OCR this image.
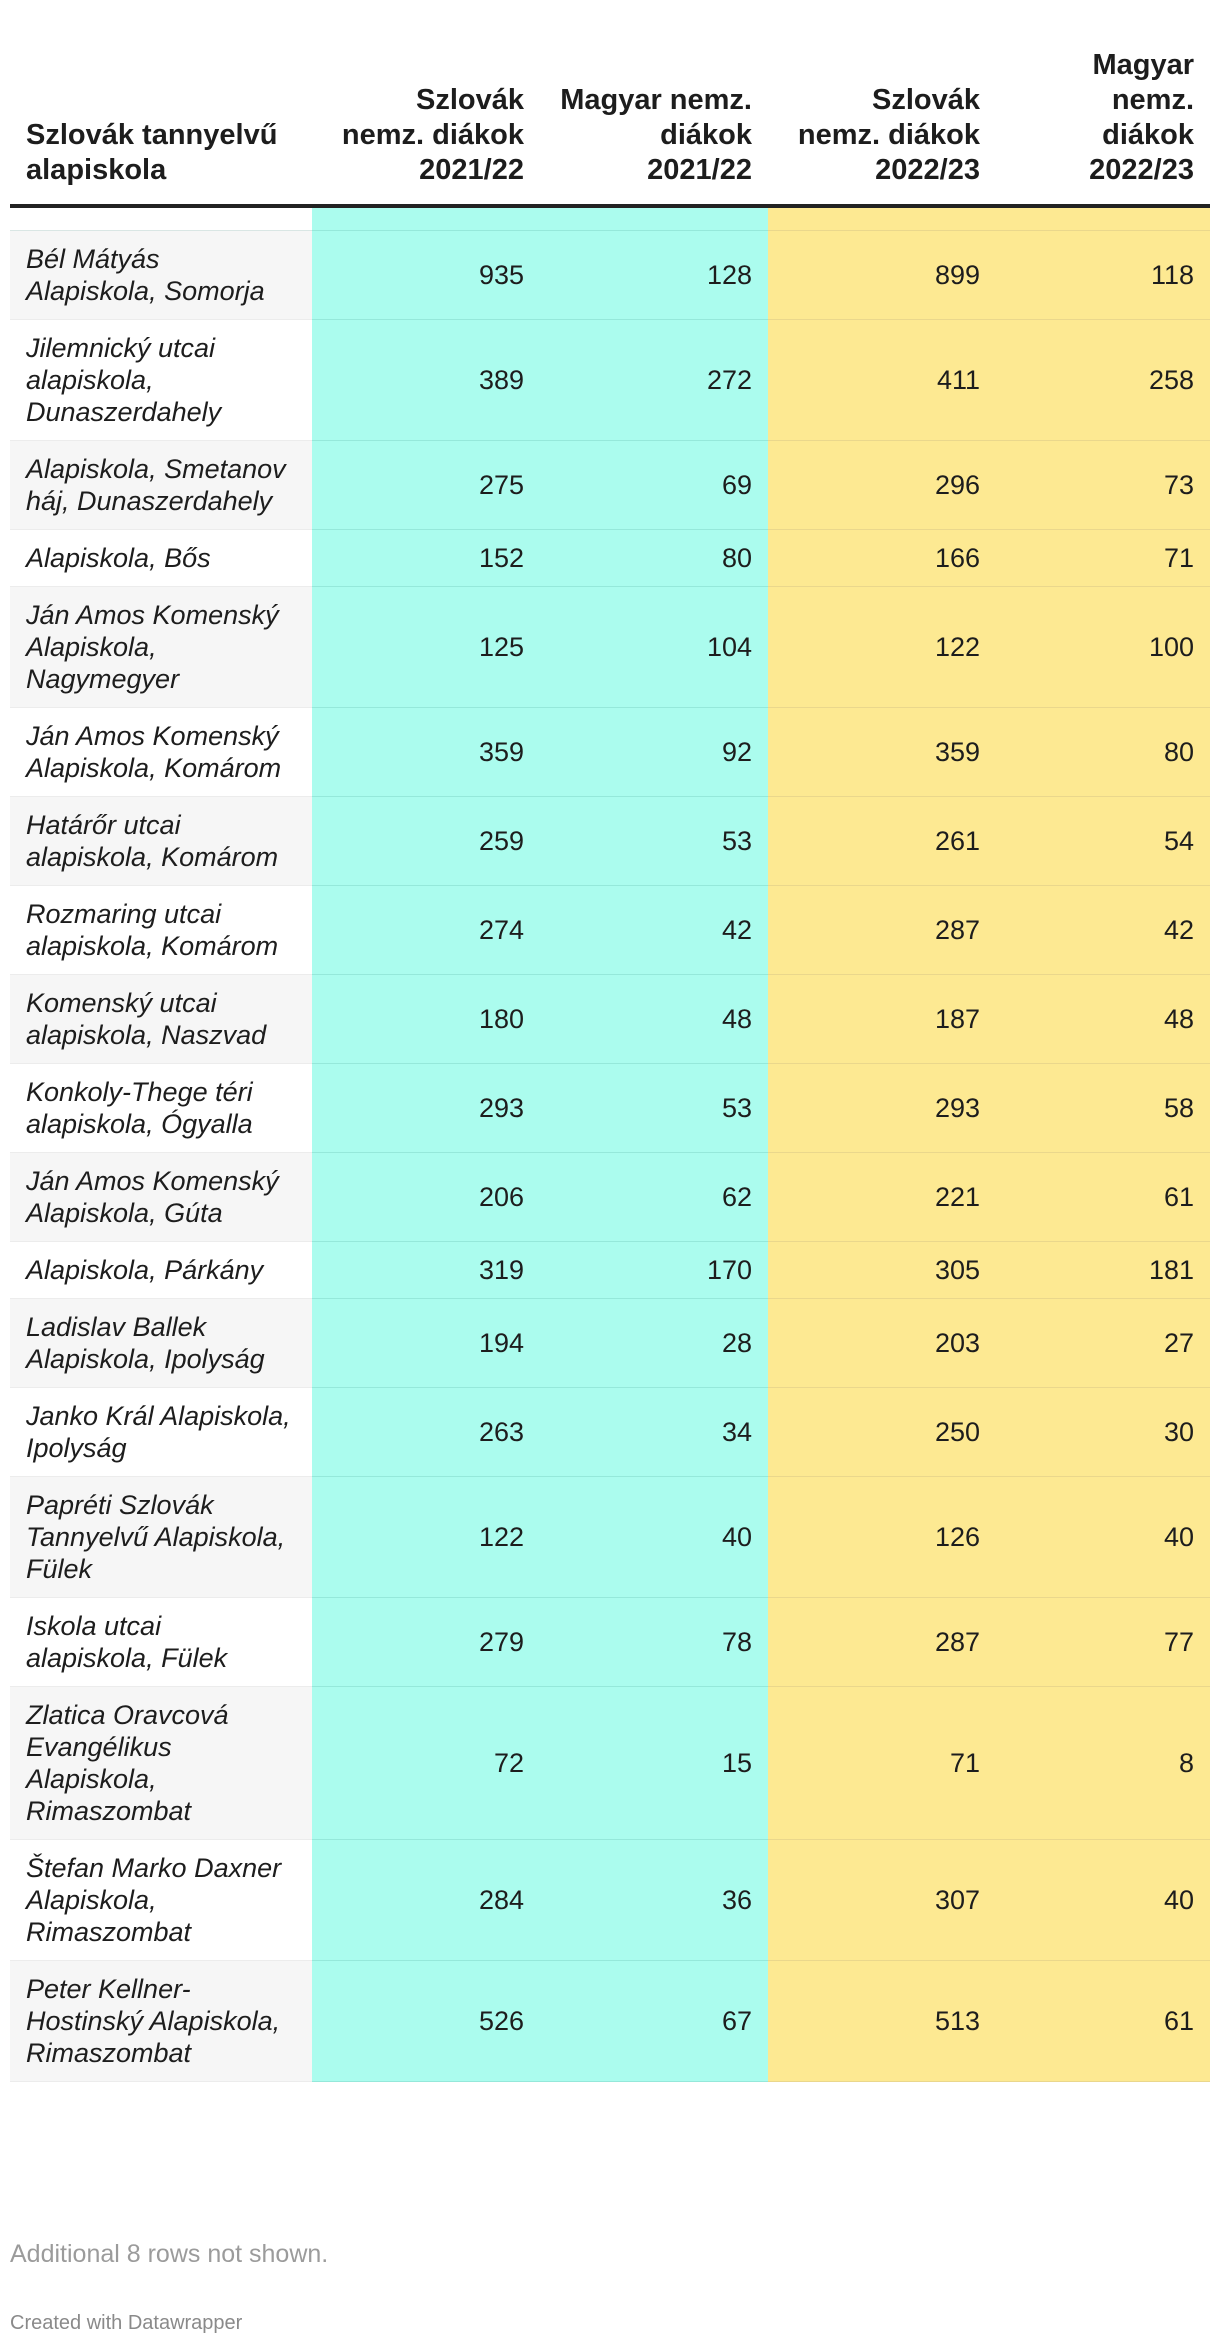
Szlovák tannyelvű alapiskola	Szlovák nemz. diákok 2021/22	Magyar nemz. diákok 2021/22	Szlovák nemz. diákok 2022/23	Magyar nemz. diákok 2022/23

Bél Mátyás Alapiskola, Somorja	935	128	899	118
Jilemnický utcai alapiskola, Dunaszerdahely	389	272	411	258
Alapiskola, Smetanov háj, Dunaszerdahely	275	69	296	73
Alapiskola, Bős	152	80	166	71
Ján Amos Komenský Alapiskola, Nagymegyer	125	104	122	100
Ján Amos Komenský Alapiskola, Komárom	359	92	359	80
Határőr utcai alapiskola, Komárom	259	53	261	54
Rozmaring utcai alapiskola, Komárom	274	42	287	42
Komenský utcai alapiskola, Naszvad	180	48	187	48
Konkoly-Thege téri alapiskola, Ógyalla	293	53	293	58
Ján Amos Komenský Alapiskola, Gúta	206	62	221	61
Alapiskola, Párkány	319	170	305	181
Ladislav Ballek Alapiskola, Ipolyság	194	28	203	27
Janko Král Alapiskola, Ipolyság	263	34	250	30
Papréti Szlovák Tannyelvű Alapiskola, Fülek	122	40	126	40
Iskola utcai alapiskola, Fülek	279	78	287	77
Zlatica Oravcová Evangélikus Alapiskola, Rimaszombat	72	15	71	8
Štefan Marko Daxner Alapiskola, Rimaszombat	284	36	307	40
Peter Kellner-Hostinský Alapiskola, Rimaszombat	526	67	513	61
Additional 8 rows not shown.
Created with Datawrapper
